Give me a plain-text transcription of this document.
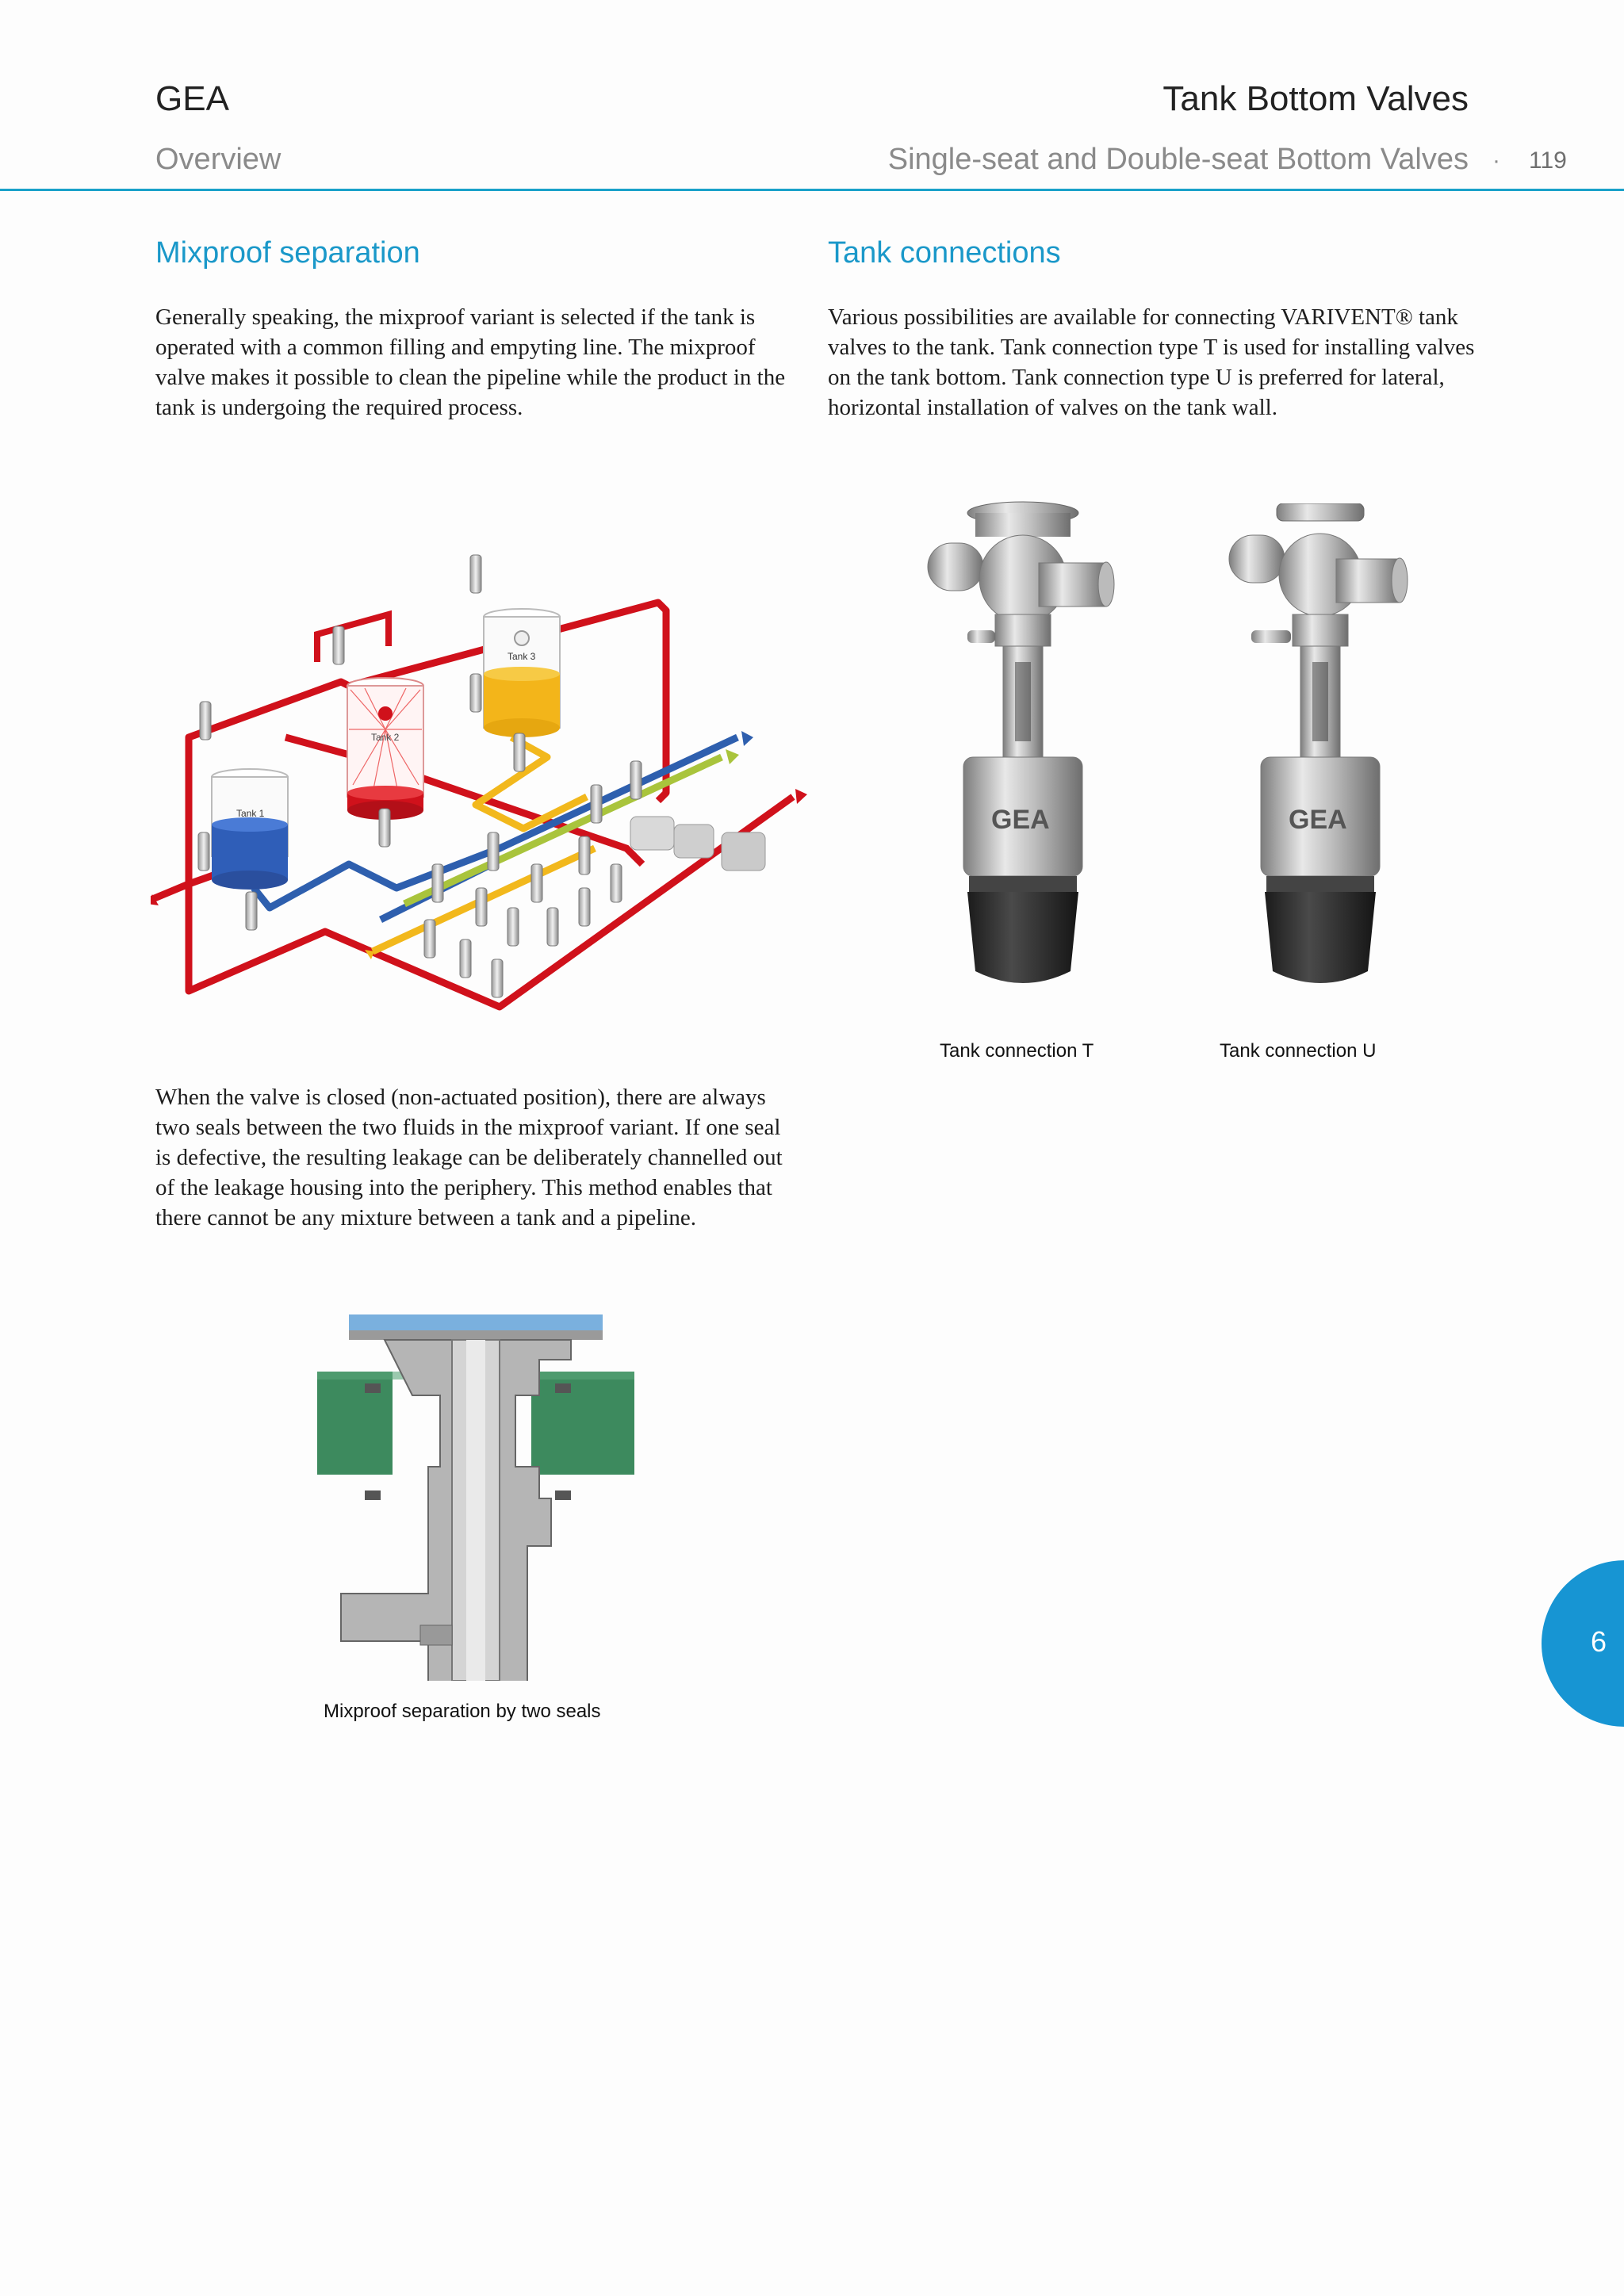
GEA
Overview
Tank Bottom Valves
Single-seat and Double-seat Bottom Valves · 119
Mixproof separation
Generally speaking, the mixproof variant is selected if the tank is operated with a common filling and empyting line. The mixproof valve makes it possible to clean the pipeline while the product in the tank is undergoing the required process.
Tank 1
Tank 2
Tank 3
When the valve is closed (non-actuated position), there are always two seals between the two fluids in the mixproof variant. If one seal is defective, the resulting leakage can be deliberately channelled out of the leakage housing into the periphery. This method enables that there cannot be any mixture between a tank and a pipeline.
Mixproof separation by two seals
Tank connections
Various possibilities are available for connecting VARIVENT® tank valves to the tank. Tank connection type T is used for installing valves on the tank bottom. Tank connection type U is preferred for lateral, horizontal installation of valves on the tank wall.
GEA
Tank connection T
GEA
Tank connection U
6
